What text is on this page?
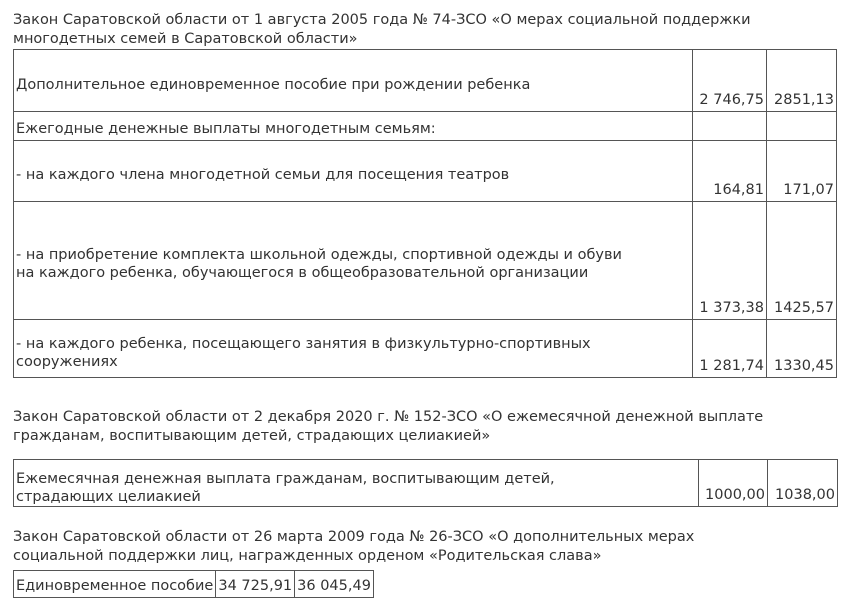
Закон Саратовской области от 1 августа 2005 года № 74-ЗСО «О мерах социальной поддержки
многодетных семей в Саратовской области»
Дополнительное единовременное пособие при рождении ребенка	2 746,75	2851,13
Ежегодные денежные выплаты многодетным семьям:		
- на каждого члена многодетной семьи для посещения театров	164,81	171,07

- на приобретение комплекта школьной одежды, спортивной одежды и обуви
на каждого ребенка, обучающегося в общеобразовательной организации	1 373,38	1425,57

- на каждого ребенка, посещающего занятия в физкультурно-спортивных
сооружениях	1 281,74	1330,45
Закон Саратовской области от 2 декабря 2020 г. № 152-ЗСО «О ежемесячной денежной выплате
гражданам, воспитывающим детей, страдающих целиакией»
Ежемесячная денежная выплата гражданам, воспитывающим детей,
страдающих целиакией	1000,00	1038,00
Закон Саратовской области от 26 марта 2009 года № 26-ЗСО «О дополнительных мерах
социальной поддержки лиц, награжденных орденом «Родительская слава»
Единовременное пособие	34 725,91	36 045,49
